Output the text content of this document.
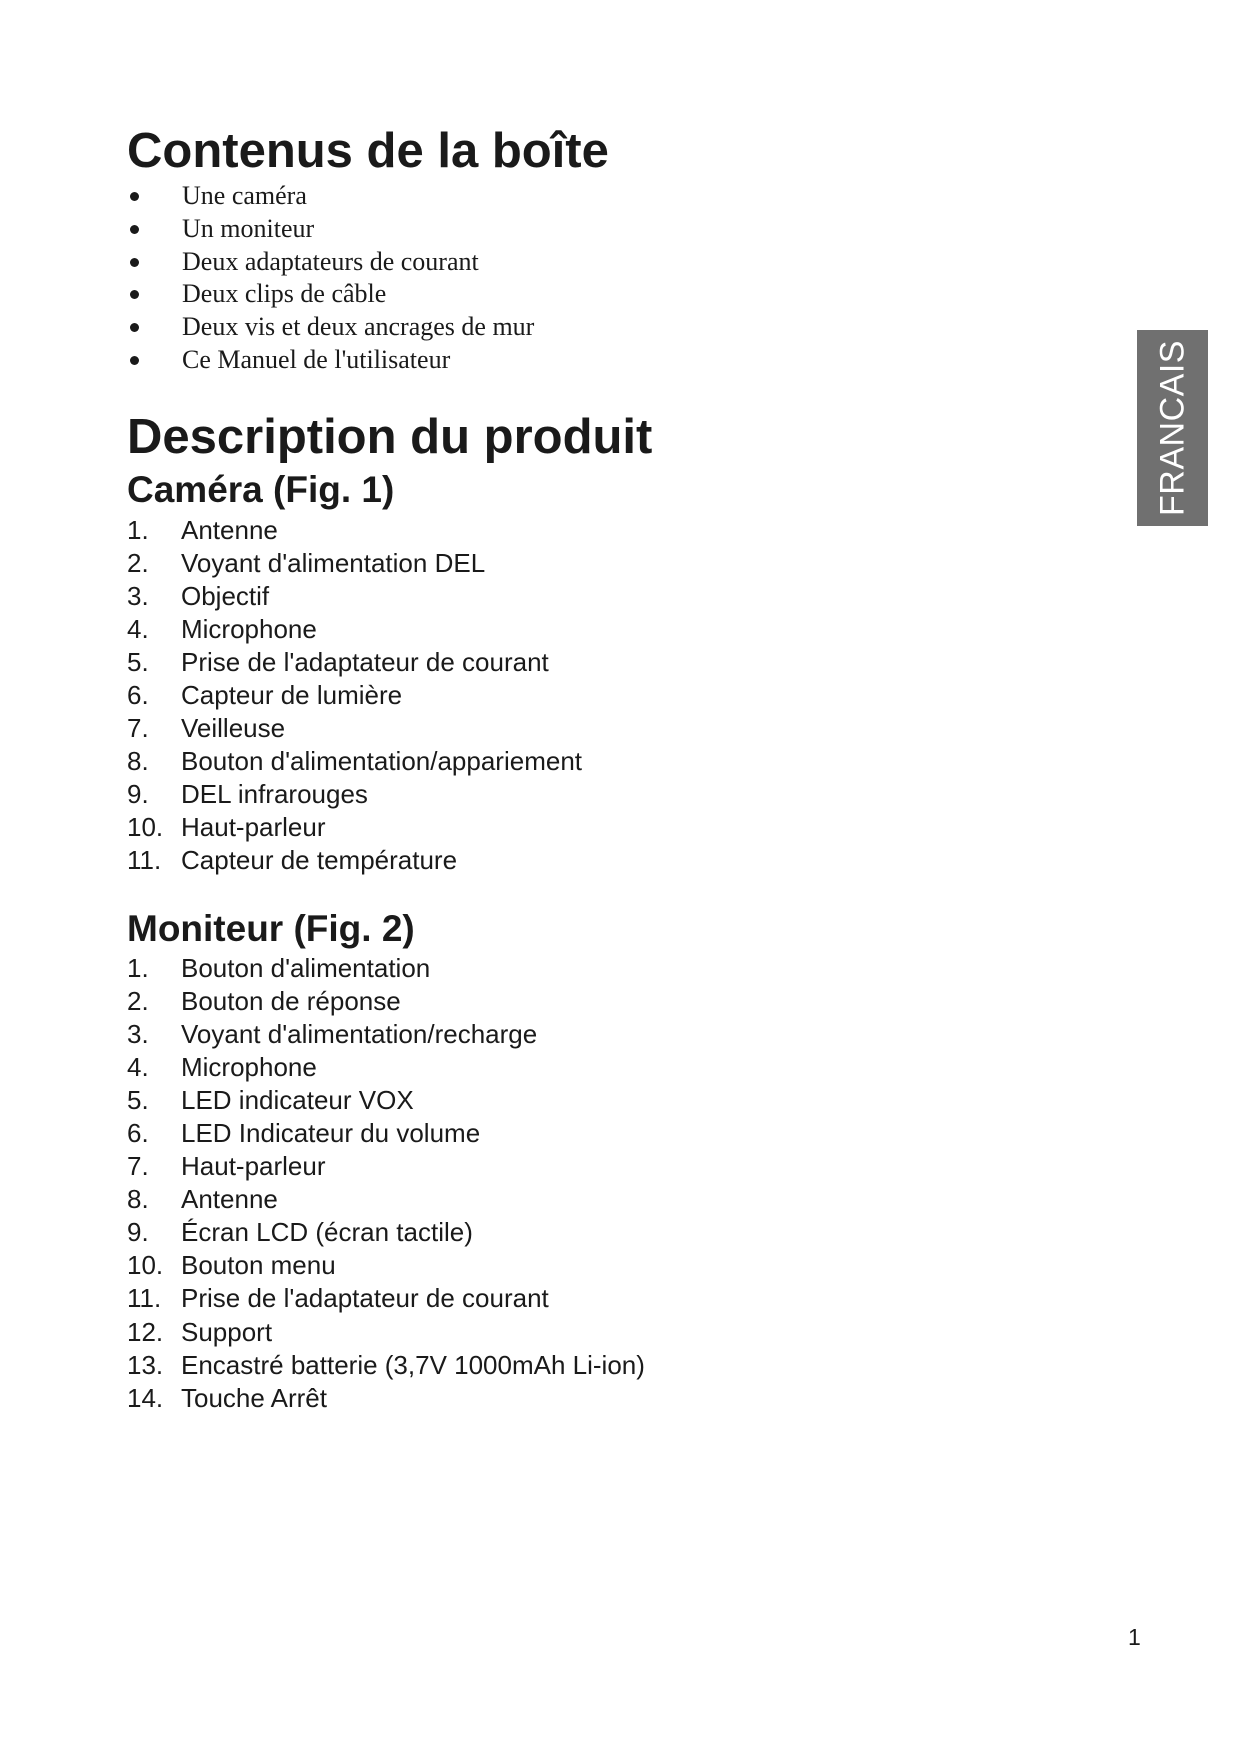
Contenus de la boîte
Une caméra
Un moniteur
Deux adaptateurs de courant
Deux clips de câble
Deux vis et deux ancrages de mur
Ce Manuel de l'utilisateur
Description du produit
Caméra (Fig. 1)
1. Antenne
2. Voyant d'alimentation DEL
3. Objectif
4. Microphone
5. Prise de l'adaptateur de courant
6. Capteur de lumière
7. Veilleuse
8. Bouton d'alimentation/appariement
9. DEL infrarouges
10. Haut-parleur
11. Capteur de température
Moniteur (Fig. 2)
1. Bouton d'alimentation
2. Bouton de réponse
3. Voyant d'alimentation/recharge
4. Microphone
5. LED indicateur VOX
6. LED Indicateur du volume
7. Haut-parleur
8. Antenne
9. Écran LCD (écran tactile)
10. Bouton menu
11. Prise de l'adaptateur de courant
12. Support
13. Encastré batterie (3,7V 1000mAh Li-ion)
14. Touche Arrêt
FRANCAIS
1
